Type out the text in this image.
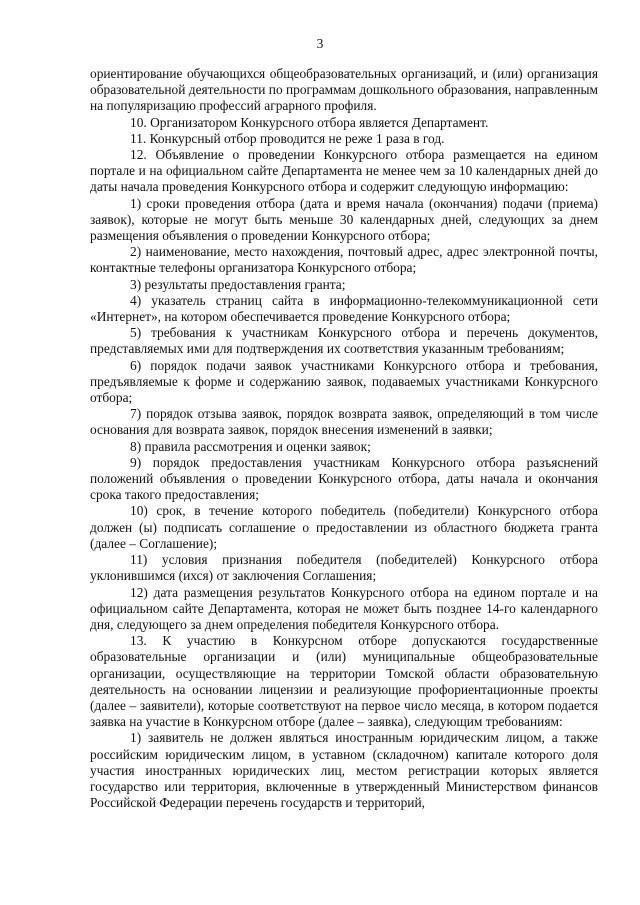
3

ориентирование обучающихся общеобразовательных организаций, и (или) организация образовательной деятельности по программам дошкольного образования, направленным на популяризацию профессий аграрного профиля.

10. Организатором Конкурсного отбора является Департамент.

11. Конкурсный отбор проводится не реже 1 раза в год.

12. Объявление о проведении Конкурсного отбора размещается на едином портале и на официальном сайте Департамента не менее чем за 10 календарных дней до даты начала проведения Конкурсного отбора и содержит следующую информацию:

1) сроки проведения отбора (дата и время начала (окончания) подачи (приема) заявок), которые не могут быть меньше 30 календарных дней, следующих за днем размещения объявления о проведении Конкурсного отбора;

2) наименование, место нахождения, почтовый адрес, адрес электронной почты, контактные телефоны организатора Конкурсного отбора;

3) результаты предоставления гранта;

4) указатель страниц сайта в информационно-телекоммуникационной сети «Интернет», на котором обеспечивается проведение Конкурсного отбора;

5) требования к участникам Конкурсного отбора и перечень документов, представляемых ими для подтверждения их соответствия указанным требованиям;

6) порядок подачи заявок участниками Конкурсного отбора и требования, предъявляемые к форме и содержанию заявок, подаваемых участниками Конкурсного отбора;

7) порядок отзыва заявок, порядок возврата заявок, определяющий в том числе основания для возврата заявок, порядок внесения изменений в заявки;

8) правила рассмотрения и оценки заявок;

9) порядок предоставления участникам Конкурсного отбора разъяснений положений объявления о проведении Конкурсного отбора, даты начала и окончания срока такого предоставления;

10) срок, в течение которого победитель (победители) Конкурсного отбора должен (ы) подписать соглашение о предоставлении из областного бюджета гранта (далее – Соглашение);

11) условия признания победителя (победителей) Конкурсного отбора уклонившимся (ихся) от заключения Соглашения;

12) дата размещения результатов Конкурсного отбора на едином портале и на официальном сайте Департамента, которая не может быть позднее 14-го календарного дня, следующего за днем определения победителя Конкурсного отбора.

13. К участию в Конкурсном отборе допускаются государственные образовательные организации и (или) муниципальные общеобразовательные организации, осуществляющие на территории Томской области образовательную деятельность на основании лицензии и реализующие профориентационные проекты (далее – заявители), которые соответствуют на первое число месяца, в котором подается заявка на участие в Конкурсном отборе (далее – заявка), следующим требованиям:

1) заявитель не должен являться иностранным юридическим лицом, а также российским юридическим лицом, в уставном (складочном) капитале которого доля участия иностранных юридических лиц, местом регистрации которых является государство или территория, включенные в утвержденный Министерством финансов Российской Федерации перечень государств и территорий,
